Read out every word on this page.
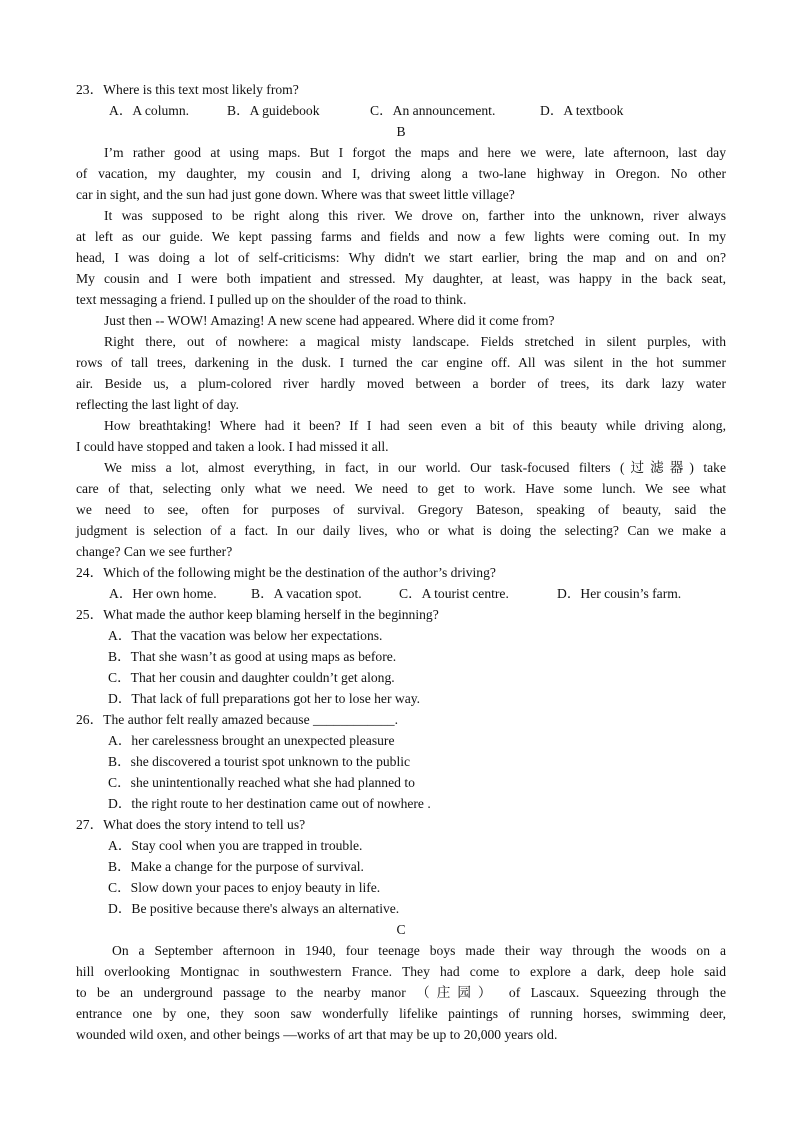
23．Where is this text most likely from?
A．A column.	B．A guidebook	C．An announcement.	D．A textbook
B
I’m rather good at using maps. But I forgot the maps and here we were, late afternoon, last day
of vacation, my daughter, my cousin and I, driving along a two-lane highway in Oregon. No other
car in sight, and the sun had just gone down. Where was that sweet little village?
It was supposed to be right along this river. We drove on, farther into the unknown, river always
at left as our guide. We kept passing farms and fields and now a few lights were coming out. In my
head, I was doing a lot of self-criticisms: Why didn't we start earlier, bring the map and on and on?
My cousin and I were both impatient and stressed. My daughter, at least, was happy in the back seat,
text messaging a friend. I pulled up on the shoulder of the road to think.
Just then -- WOW! Amazing! A new scene had appeared. Where did it come from?
Right there, out of nowhere: a magical misty landscape. Fields stretched in silent purples, with
rows of tall trees, darkening in the dusk. I turned the car engine off. All was silent in the hot summer
air. Beside us, a plum-colored river hardly moved between a border of trees, its dark lazy water
reflecting the last light of day.
How breathtaking! Where had it been? If I had seen even a bit of this beauty while driving along,
I could have stopped and taken a look. I had missed it all.
We miss a lot, almost everything, in fact, in our world. Our task-focused filters (过滤器) take
care of that, selecting only what we need. We need to get to work. Have some lunch. We see what
we need to see, often for purposes of survival. Gregory Bateson, speaking of beauty, said the
judgment is selection of a fact. In our daily lives, who or what is doing the selecting? Can we make a
change? Can we see further?
24．Which of the following might be the destination of the author’s driving?
A．Her own home.	B．A vacation spot.	C．A tourist centre.	D．Her cousin’s farm.
25．What made the author keep blaming herself in the beginning?
A．That the vacation was below her expectations.
B．That she wasn’t as good at using maps as before.
C．That her cousin and daughter couldn’t get along.
D．That lack of full preparations got her to lose her way.
26．The author felt really amazed because ____________.
A．her carelessness brought an unexpected pleasure
B．she discovered a tourist spot unknown to the public
C．she unintentionally reached what she had planned to
D．the right route to her destination came out of nowhere .
27．What does the story intend to tell us?
A．Stay cool when you are trapped in trouble.
B．Make a change for the purpose of survival.
C．Slow down your paces to enjoy beauty in life.
D．Be positive because there's always an alternative.
C
On a September afternoon in 1940, four teenage boys made their way through the woods on a
hill overlooking Montignac in southwestern France. They had come to explore a dark, deep hole said
to be an underground passage to the nearby manor （庄园） of Lascaux. Squeezing through the
entrance one by one, they soon saw wonderfully lifelike paintings of running horses, swimming deer,
wounded wild oxen, and other beings —works of art that may be up to 20,000 years old.
